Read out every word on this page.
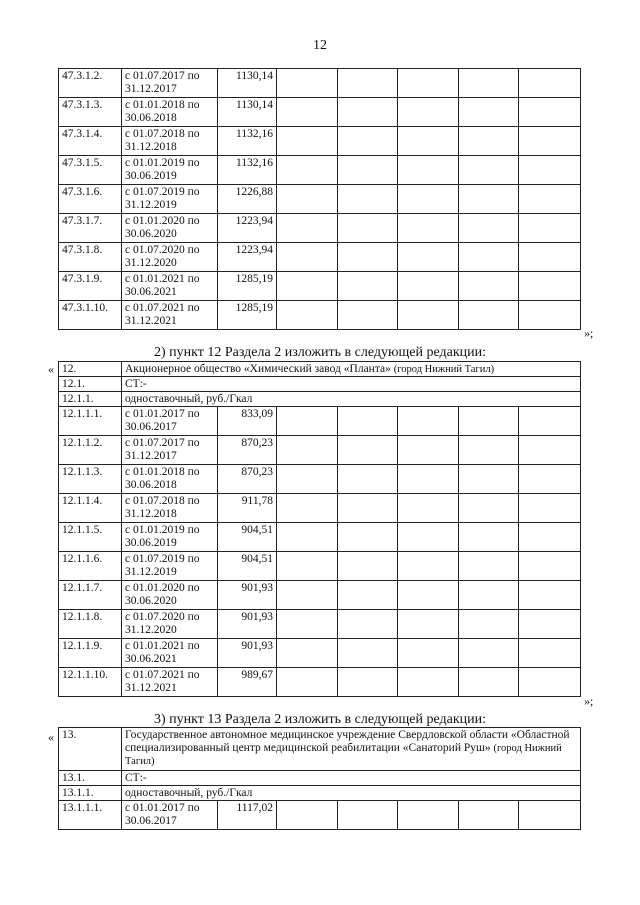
12
47.3.1.2.	с 01.07.2017 по 31.12.2017	1130,14					
47.3.1.3.	с 01.01.2018 по 30.06.2018	1130,14					
47.3.1.4.	с 01.07.2018 по 31.12.2018	1132,16					
47.3.1.5.	с 01.01.2019 по 30.06.2019	1132,16					
47.3.1.6.	с 01.07.2019 по 31.12.2019	1226,88					
47.3.1.7.	с 01.01.2020 по 30.06.2020	1223,94					
47.3.1.8.	с 01.07.2020 по 31.12.2020	1223,94					
47.3.1.9.	с 01.01.2021 по 30.06.2021	1285,19					
47.3.1.10.	с 01.07.2021 по 31.12.2021	1285,19					
»;
2) пункт 12 Раздела 2 изложить в следующей редакции:
« 12.	Акционерное общество «Химический завод «Планта» (город Нижний Тагил)						
12.1.	СТ:-						
12.1.1.	одноставочный, руб./Гкал						
12.1.1.1.	с 01.01.2017 по 30.06.2017	833,09					
12.1.1.2.	с 01.07.2017 по 31.12.2017	870,23					
12.1.1.3.	с 01.01.2018 по 30.06.2018	870,23					
12.1.1.4.	с 01.07.2018 по 31.12.2018	911,78					
12.1.1.5.	с 01.01.2019 по 30.06.2019	904,51					
12.1.1.6.	с 01.07.2019 по 31.12.2019	904,51					
12.1.1.7.	с 01.01.2020 по 30.06.2020	901,93					
12.1.1.8.	с 01.07.2020 по 31.12.2020	901,93					
12.1.1.9.	с 01.01.2021 по 30.06.2021	901,93					
12.1.1.10.	с 01.07.2021 по 31.12.2021	989,67					
»;
3) пункт 13 Раздела 2 изложить в следующей редакции:
« 13.	Государственное автономное медицинское учреждение Свердловской области «Областной специализированный центр медицинской реабилитации «Санаторий Руш» (город Нижний Тагил)						
13.1.	СТ:-						
13.1.1.	одноставочный, руб./Гкал						
13.1.1.1.	с 01.01.2017 по 30.06.2017	1117,02					
